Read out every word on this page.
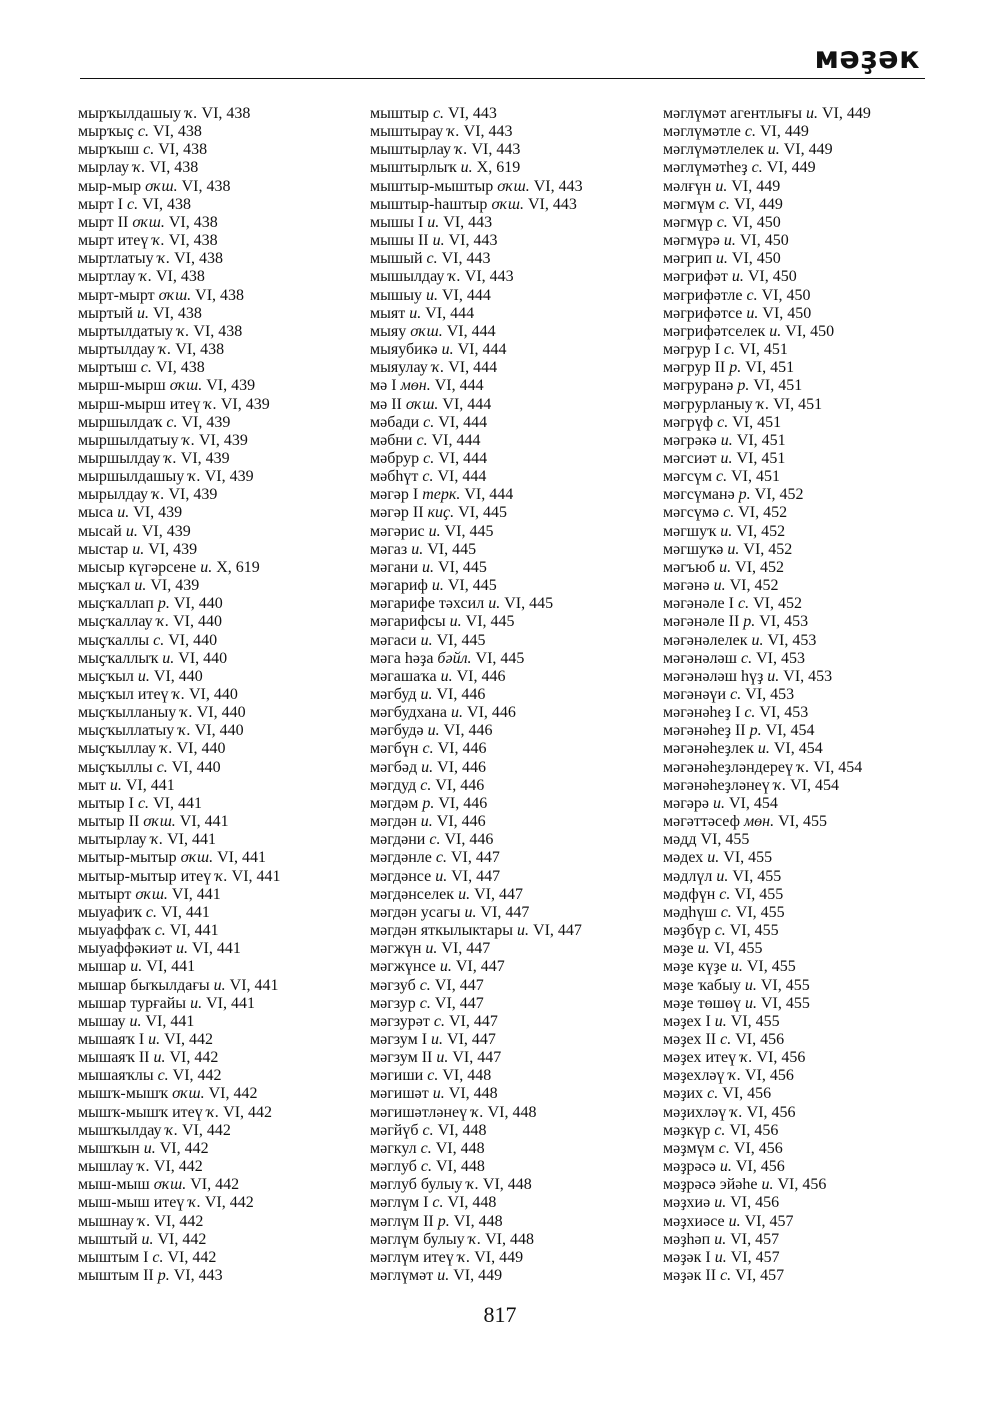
мәҙәк
мырҡылдашыу ҡ. VI, 438
мырҡыҫ с. VI, 438
мырҡыш с. VI, 438
мырлау ҡ. VI, 438
мыр-мыр оҡш. VI, 438
мырт I с. VI, 438
мырт II оҡш. VI, 438
мырт итеү ҡ. VI, 438
мыртлатыу ҡ. VI, 438
мыртлау ҡ. VI, 438
мырт-мырт оҡш. VI, 438
мыртый и. VI, 438
мыртылдатыу ҡ. VI, 438
мыртылдау ҡ. VI, 438
мыртыш с. VI, 438
мырш-мырш оҡш. VI, 439
мырш-мырш итеү ҡ. VI, 439
мыршылдаҡ с. VI, 439
мыршылдатыу ҡ. VI, 439
мыршылдау ҡ. VI, 439
мыршылдашыу ҡ. VI, 439
мырылдау ҡ. VI, 439
мыса и. VI, 439
мысай и. VI, 439
мыстар и. VI, 439
мысыр күгәрсене и. X, 619
мыҫҡал и. VI, 439
мыҫҡаллап р. VI, 440
мыҫҡаллау ҡ. VI, 440
мыҫҡаллы с. VI, 440
мыҫҡаллыҡ и. VI, 440
мыҫҡыл и. VI, 440
мыҫҡыл итеү ҡ. VI, 440
мыҫҡылланыу ҡ. VI, 440
мыҫҡыллатыу ҡ. VI, 440
мыҫҡыллау ҡ. VI, 440
мыҫҡыллы с. VI, 440
мыт и. VI, 441
мытыр I с. VI, 441
мытыр II оҡш. VI, 441
мытырлау ҡ. VI, 441
мытыр-мытыр оҡш. VI, 441
мытыр-мытыр итеү ҡ. VI, 441
мытырт оҡш. VI, 441
мыуафиҡ с. VI, 441
мыуаффаҡ с. VI, 441
мыуаффәкиәт и. VI, 441
мышар и. VI, 441
мышар быҡылдағы и. VI, 441
мышар турғайы и. VI, 441
мышау и. VI, 441
мышаяҡ I и. VI, 442
мышаяҡ II и. VI, 442
мышаяҡлы с. VI, 442
мышҡ-мышҡ оҡш. VI, 442
мышҡ-мышҡ итеү ҡ. VI, 442
мышҡылдау ҡ. VI, 442
мышҡын и. VI, 442
мышлау ҡ. VI, 442
мыш-мыш оҡш. VI, 442
мыш-мыш итеү ҡ. VI, 442
мышнау ҡ. VI, 442
мыштый и. VI, 442
мыштым I с. VI, 442
мыштым II р. VI, 443
мыштыр с. VI, 443
мыштырау ҡ. VI, 443
мыштырлау ҡ. VI, 443
мыштырлыҡ и. X, 619
мыштыр-мыштыр оҡш. VI, 443
мыштыр-һаштыр оҡш. VI, 443
мышы I и. VI, 443
мышы II и. VI, 443
мышый с. VI, 443
мышылдау ҡ. VI, 443
мышыу и. VI, 444
мыят и. VI, 444
мыяу оҡш. VI, 444
мыяубикә и. VI, 444
мыяулау ҡ. VI, 444
мә I мөн. VI, 444
мә II оҡш. VI, 444
мәбади с. VI, 444
мәбни с. VI, 444
мәбрур с. VI, 444
мәбһүт с. VI, 444
мәгәр I терк. VI, 444
мәгәр II киҫ. VI, 445
мәгәрис и. VI, 445
мәгаз и. VI, 445
мәгани и. VI, 445
мәгариф и. VI, 445
мәгарифе тәхсил и. VI, 445
мәгарифсы и. VI, 445
мәгаси и. VI, 445
мәга һәҙа бәйл. VI, 445
мәгашаҡа и. VI, 446
мәгбуд и. VI, 446
мәгбудхана и. VI, 446
мәгбудә и. VI, 446
мәгбүн с. VI, 446
мәгбәд и. VI, 446
мәгдуд с. VI, 446
мәгдәм р. VI, 446
мәгдән и. VI, 446
мәгдәни с. VI, 446
мәгдәнле с. VI, 447
мәгдәнсе и. VI, 447
мәгдәнселек и. VI, 447
мәгдән усагы и. VI, 447
мәгдән яткылыктары и. VI, 447
мәгжүн и. VI, 447
мәгжүнсе и. VI, 447
мәгзуб с. VI, 447
мәгзур с. VI, 447
мәгзурәт с. VI, 447
мәгзум I и. VI, 447
мәгзум II и. VI, 447
мәгиши с. VI, 448
мәгишәт и. VI, 448
мәгишәтләнеү ҡ. VI, 448
мәгйүб с. VI, 448
мәгкул с. VI, 448
мәглуб с. VI, 448
мәглуб булыу ҡ. VI, 448
мәглүм I с. VI, 448
мәглүм II р. VI, 448
мәглүм булыу ҡ. VI, 448
мәглүм итеү ҡ. VI, 449
мәглүмәт и. VI, 449
мәглүмәт агентлығы и. VI, 449
мәглүмәтле с. VI, 449
мәглүмәтлелек и. VI, 449
мәглүмәтһеҙ с. VI, 449
мәлғүн и. VI, 449
мәгмүм с. VI, 449
мәгмүр с. VI, 450
мәгмүрә и. VI, 450
мәгрип и. VI, 450
мәгрифәт и. VI, 450
мәгрифәтле с. VI, 450
мәгрифәтсе и. VI, 450
мәгрифәтселек и. VI, 450
мәгрур I с. VI, 451
мәгрур II р. VI, 451
мәгруранә р. VI, 451
мәгрурланыу ҡ. VI, 451
мәгрүф с. VI, 451
мәгрәкә и. VI, 451
мәгсиәт и. VI, 451
мәгсүм с. VI, 451
мәгсүманә р. VI, 452
мәгсүмә с. VI, 452
мәгшуҡ и. VI, 452
мәгшуҡә и. VI, 452
мәгъюб и. VI, 452
мәгәнә и. VI, 452
мәгәнәле I с. VI, 452
мәгәнәле II р. VI, 453
мәгәнәлелек и. VI, 453
мәгәнәләш с. VI, 453
мәгәнәләш һүҙ и. VI, 453
мәгәнәүи с. VI, 453
мәгәнәһеҙ I с. VI, 453
мәгәнәһеҙ II р. VI, 454
мәгәнәһеҙлек и. VI, 454
мәгәнәһеҙләндереү ҡ. VI, 454
мәгәнәһеҙләнеү ҡ. VI, 454
мәгәрә и. VI, 454
мәгәттәсеф мөн. VI, 455
мәдд VI, 455
мәдех и. VI, 455
мәдлүл и. VI, 455
мәдфүн с. VI, 455
мәдһүш с. VI, 455
мәҙбүр с. VI, 455
мәҙе и. VI, 455
мәҙе күҙе и. VI, 455
мәҙе ҡабыу и. VI, 455
мәҙе төшөү и. VI, 455
мәҙех I и. VI, 455
мәҙех II с. VI, 456
мәҙех итеү ҡ. VI, 456
мәҙехләү ҡ. VI, 456
мәҙих с. VI, 456
мәҙихләү ҡ. VI, 456
мәҙкүр с. VI, 456
мәҙмүм с. VI, 456
мәҙрәсә и. VI, 456
мәҙрәсә эйәһе и. VI, 456
мәҙхиә и. VI, 456
мәҙхиәсе и. VI, 457
мәҙһәп и. VI, 457
мәҙәк I и. VI, 457
мәҙәк II с. VI, 457
817
